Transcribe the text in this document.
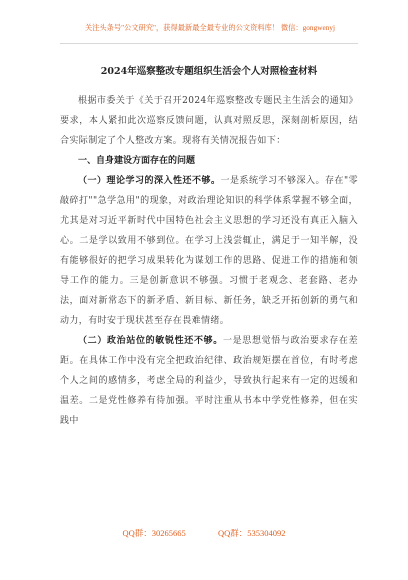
关注头条号"公文研究"，获得最新最全最专业的公文资料库！ 微信：gongwenyj
2024年巡察整改专题组织生活会个人对照检查材料

根据市委关于《关于召开2024年巡察整改专题民主生活会的通知》要求，本人紧扣此次巡察反馈问题，认真对照反思，深刻剖析原因，结合实际制定了个人整改方案。现将有关情况报告如下：

一、自身建设方面存在的问题

（一）理论学习的深入性还不够。一是系统学习不够深入。存在"零敲碎打""急学急用"的现象，对政治理论知识的科学体系掌握不够全面，尤其是对习近平新时代中国特色社会主义思想的学习还没有真正入脑入心。二是学以致用不够到位。在学习上浅尝辄止，满足于一知半解，没有能够很好的把学习成果转化为谋划工作的思路、促进工作的措施和领导工作的能力。三是创新意识不够强。习惯于老观念、老套路、老办法，面对新常态下的新矛盾、新目标、新任务，缺乏开拓创新的勇气和动力，有时安于现状甚至存在畏难情绪。

（二）政治站位的敏锐性还不够。一是思想觉悟与政治要求存在差距。在具体工作中没有完全把政治纪律、政治规矩摆在首位，有时考虑个人之间的感情多，考虑全局的利益少，导致执行起来有一定的迟缓和温差。二是党性修养有待加强。平时注重从书本中学党性修养，但在实践中

QQ群：30265665	QQ群：535304092
